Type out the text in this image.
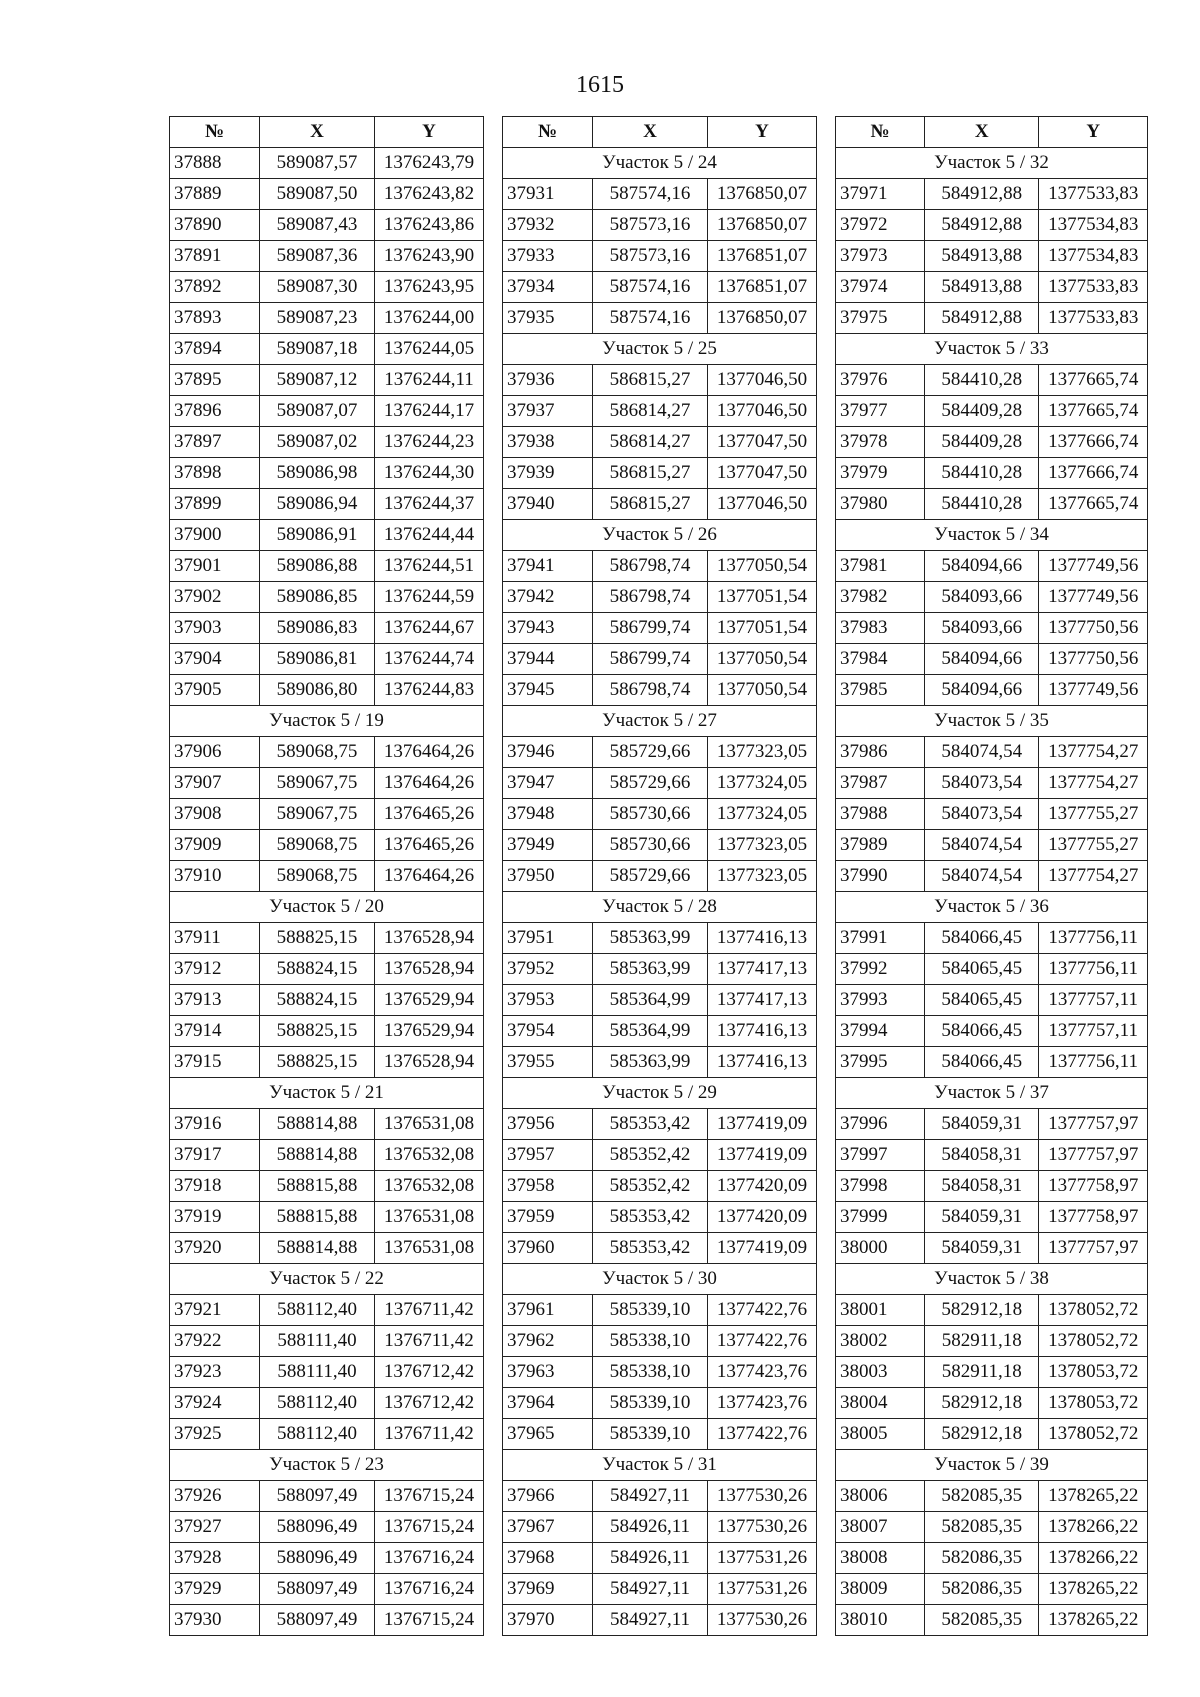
1615
№	X	Y
37888	589087,57	1376243,79
37889	589087,50	1376243,82
37890	589087,43	1376243,86
37891	589087,36	1376243,90
37892	589087,30	1376243,95
37893	589087,23	1376244,00
37894	589087,18	1376244,05
37895	589087,12	1376244,11
37896	589087,07	1376244,17
37897	589087,02	1376244,23
37898	589086,98	1376244,30
37899	589086,94	1376244,37
37900	589086,91	1376244,44
37901	589086,88	1376244,51
37902	589086,85	1376244,59
37903	589086,83	1376244,67
37904	589086,81	1376244,74
37905	589086,80	1376244,83
Участок 5 / 19		
37906	589068,75	1376464,26
37907	589067,75	1376464,26
37908	589067,75	1376465,26
37909	589068,75	1376465,26
37910	589068,75	1376464,26
Участок 5 / 20		
37911	588825,15	1376528,94
37912	588824,15	1376528,94
37913	588824,15	1376529,94
37914	588825,15	1376529,94
37915	588825,15	1376528,94
Участок 5 / 21		
37916	588814,88	1376531,08
37917	588814,88	1376532,08
37918	588815,88	1376532,08
37919	588815,88	1376531,08
37920	588814,88	1376531,08
Участок 5 / 22		
37921	588112,40	1376711,42
37922	588111,40	1376711,42
37923	588111,40	1376712,42
37924	588112,40	1376712,42
37925	588112,40	1376711,42
Участок 5 / 23		
37926	588097,49	1376715,24
37927	588096,49	1376715,24
37928	588096,49	1376716,24
37929	588097,49	1376716,24
37930	588097,49	1376715,24
№	X	Y
Участок 5 / 24		
37931	587574,16	1376850,07
37932	587573,16	1376850,07
37933	587573,16	1376851,07
37934	587574,16	1376851,07
37935	587574,16	1376850,07
Участок 5 / 25		
37936	586815,27	1377046,50
37937	586814,27	1377046,50
37938	586814,27	1377047,50
37939	586815,27	1377047,50
37940	586815,27	1377046,50
Участок 5 / 26		
37941	586798,74	1377050,54
37942	586798,74	1377051,54
37943	586799,74	1377051,54
37944	586799,74	1377050,54
37945	586798,74	1377050,54
Участок 5 / 27		
37946	585729,66	1377323,05
37947	585729,66	1377324,05
37948	585730,66	1377324,05
37949	585730,66	1377323,05
37950	585729,66	1377323,05
Участок 5 / 28		
37951	585363,99	1377416,13
37952	585363,99	1377417,13
37953	585364,99	1377417,13
37954	585364,99	1377416,13
37955	585363,99	1377416,13
Участок 5 / 29		
37956	585353,42	1377419,09
37957	585352,42	1377419,09
37958	585352,42	1377420,09
37959	585353,42	1377420,09
37960	585353,42	1377419,09
Участок 5 / 30		
37961	585339,10	1377422,76
37962	585338,10	1377422,76
37963	585338,10	1377423,76
37964	585339,10	1377423,76
37965	585339,10	1377422,76
Участок 5 / 31		
37966	584927,11	1377530,26
37967	584926,11	1377530,26
37968	584926,11	1377531,26
37969	584927,11	1377531,26
37970	584927,11	1377530,26
№	X	Y
Участок 5 / 32		
37971	584912,88	1377533,83
37972	584912,88	1377534,83
37973	584913,88	1377534,83
37974	584913,88	1377533,83
37975	584912,88	1377533,83
Участок 5 / 33		
37976	584410,28	1377665,74
37977	584409,28	1377665,74
37978	584409,28	1377666,74
37979	584410,28	1377666,74
37980	584410,28	1377665,74
Участок 5 / 34		
37981	584094,66	1377749,56
37982	584093,66	1377749,56
37983	584093,66	1377750,56
37984	584094,66	1377750,56
37985	584094,66	1377749,56
Участок 5 / 35		
37986	584074,54	1377754,27
37987	584073,54	1377754,27
37988	584073,54	1377755,27
37989	584074,54	1377755,27
37990	584074,54	1377754,27
Участок 5 / 36		
37991	584066,45	1377756,11
37992	584065,45	1377756,11
37993	584065,45	1377757,11
37994	584066,45	1377757,11
37995	584066,45	1377756,11
Участок 5 / 37		
37996	584059,31	1377757,97
37997	584058,31	1377757,97
37998	584058,31	1377758,97
37999	584059,31	1377758,97
38000	584059,31	1377757,97
Участок 5 / 38		
38001	582912,18	1378052,72
38002	582911,18	1378052,72
38003	582911,18	1378053,72
38004	582912,18	1378053,72
38005	582912,18	1378052,72
Участок 5 / 39		
38006	582085,35	1378265,22
38007	582085,35	1378266,22
38008	582086,35	1378266,22
38009	582086,35	1378265,22
38010	582085,35	1378265,22
